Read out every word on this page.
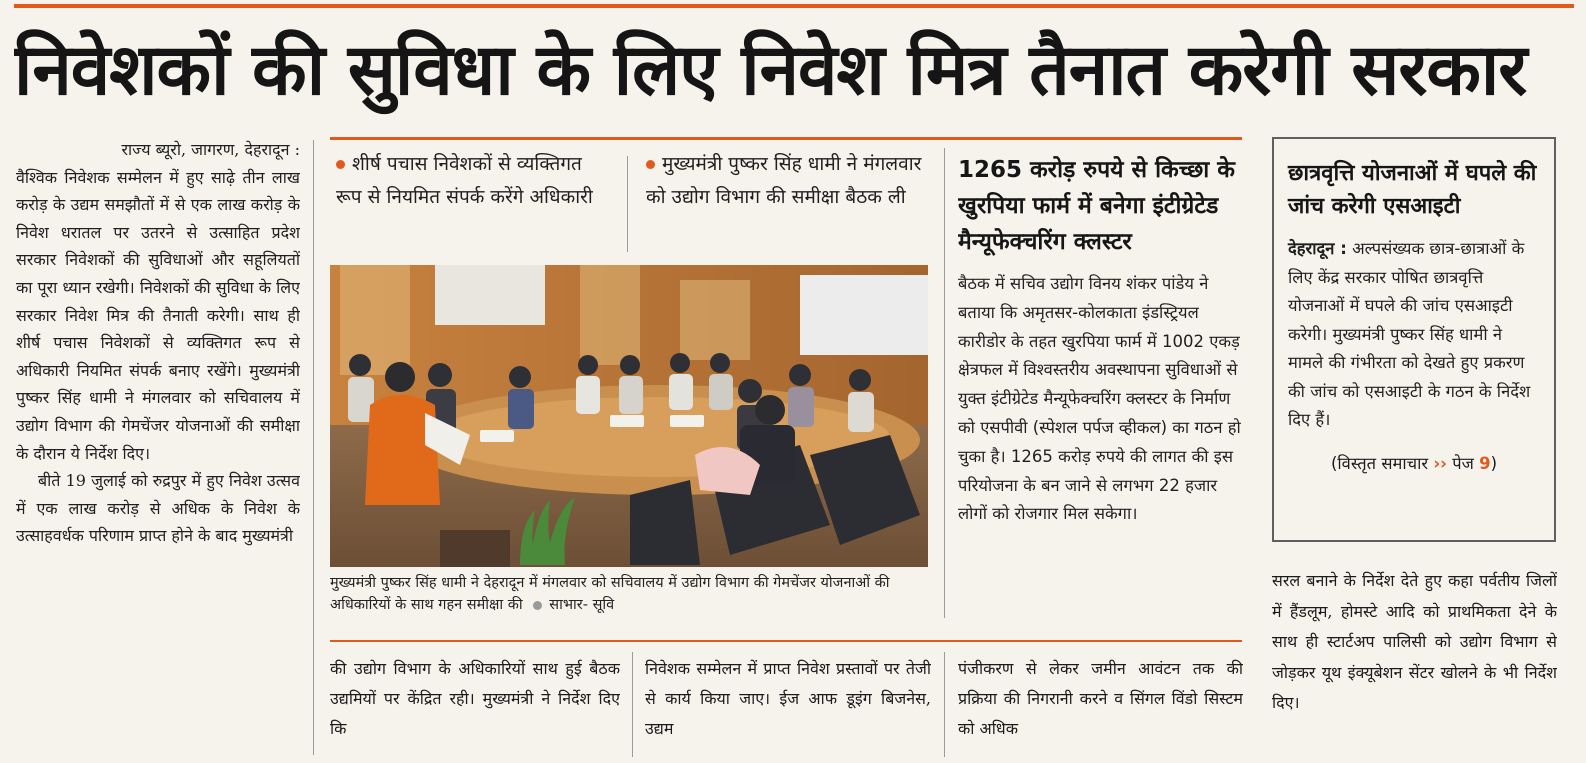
निवेशकों की सुविधा के लिए निवेश मित्र तैनात करेगी सरकार
राज्य ब्यूरो, जागरण, देहरादून :
वैश्विक निवेशक सम्मेलन में हुए साढ़े तीन लाख करोड़ के उद्यम समझौतों में से एक लाख करोड़ के निवेश धरातल पर उतरने से उत्साहित प्रदेश सरकार निवेशकों की सुविधाओं और सहूलियतों का पूरा ध्यान रखेगी। निवेशकों की सुविधा के लिए सरकार निवेश मित्र की तैनाती करेगी। साथ ही शीर्ष पचास निवेशकों से व्यक्तिगत रूप से अधिकारी नियमित संपर्क बनाए रखेंगे। मुख्यमंत्री पुष्कर सिंह धामी ने मंगलवार को सचिवालय में उद्योग विभाग की गेमचेंजर योजनाओं की समीक्षा के दौरान ये निर्देश दिए।
बीते 19 जुलाई को रुद्रपुर में हुए निवेश उत्सव में एक लाख करोड़ से अधिक के निवेश के उत्साहवर्धक परिणाम प्राप्त होने के बाद मुख्यमंत्री
शीर्ष पचास निवेशकों से व्यक्तिगत रूप से नियमित संपर्क करेंगे अधिकारी
मुख्यमंत्री पुष्कर सिंह धामी ने मंगलवार को उद्योग विभाग की समीक्षा बैठक ली
मुख्यमंत्री पुष्कर सिंह धामी ने देहरादून में मंगलवार को सचिवालय में उद्योग विभाग की गेमचेंजर योजनाओं की अधिकारियों के साथ गहन समीक्षा की साभार- सूवि
1265 करोड़ रुपये से किच्छा के खुरपिया फार्म में बनेगा इंटीग्रेटेड मैन्यूफेक्चरिंग क्लस्टर
बैठक में सचिव उद्योग विनय शंकर पांडेय ने बताया कि अमृतसर-कोलकाता इंडस्ट्रियल कारीडोर के तहत खुरपिया फार्म में 1002 एकड़ क्षेत्रफल में विश्वस्तरीय अवस्थापना सुविधाओं से युक्त इंटीग्रेटेड मैन्यूफेक्चरिंग क्लस्टर के निर्माण को एसपीवी (स्पेशल पर्पज व्हीकल) का गठन हो चुका है। 1265 करोड़ रुपये की लागत की इस परियोजना के बन जाने से लगभग 22 हजार लोगों को रोजगार मिल सकेगा।
छात्रवृत्ति योजनाओं में घपले की जांच करेगी एसआइटी
देहरादून : अल्पसंख्यक छात्र-छात्राओं के लिए केंद्र सरकार पोषित छात्रवृत्ति योजनाओं में घपले की जांच एसआइटी करेगी। मुख्यमंत्री पुष्कर सिंह धामी ने मामले की गंभीरता को देखते हुए प्रकरण की जांच को एसआइटी के गठन के निर्देश दिए हैं।
(विस्तृत समाचार ›› पेज 9)
की उद्योग विभाग के अधिकारियों साथ हुई बैठक उद्यमियों पर केंद्रित रही। मुख्यमंत्री ने निर्देश दिए कि
निवेशक सम्मेलन में प्राप्त निवेश प्रस्तावों पर तेजी से कार्य किया जाए। ईज आफ डूइंग बिजनेस, उद्यम
पंजीकरण से लेकर जमीन आवंटन तक की प्रक्रिया की निगरानी करने व सिंगल विंडो सिस्टम को अधिक
सरल बनाने के निर्देश देते हुए कहा पर्वतीय जिलों में हैंडलूम, होमस्टे आदि को प्राथमिकता देने के साथ ही स्टार्टअप पालिसी को उद्योग विभाग से जोड़कर यूथ इंक्यूबेशन सेंटर खोलने के भी निर्देश दिए।
